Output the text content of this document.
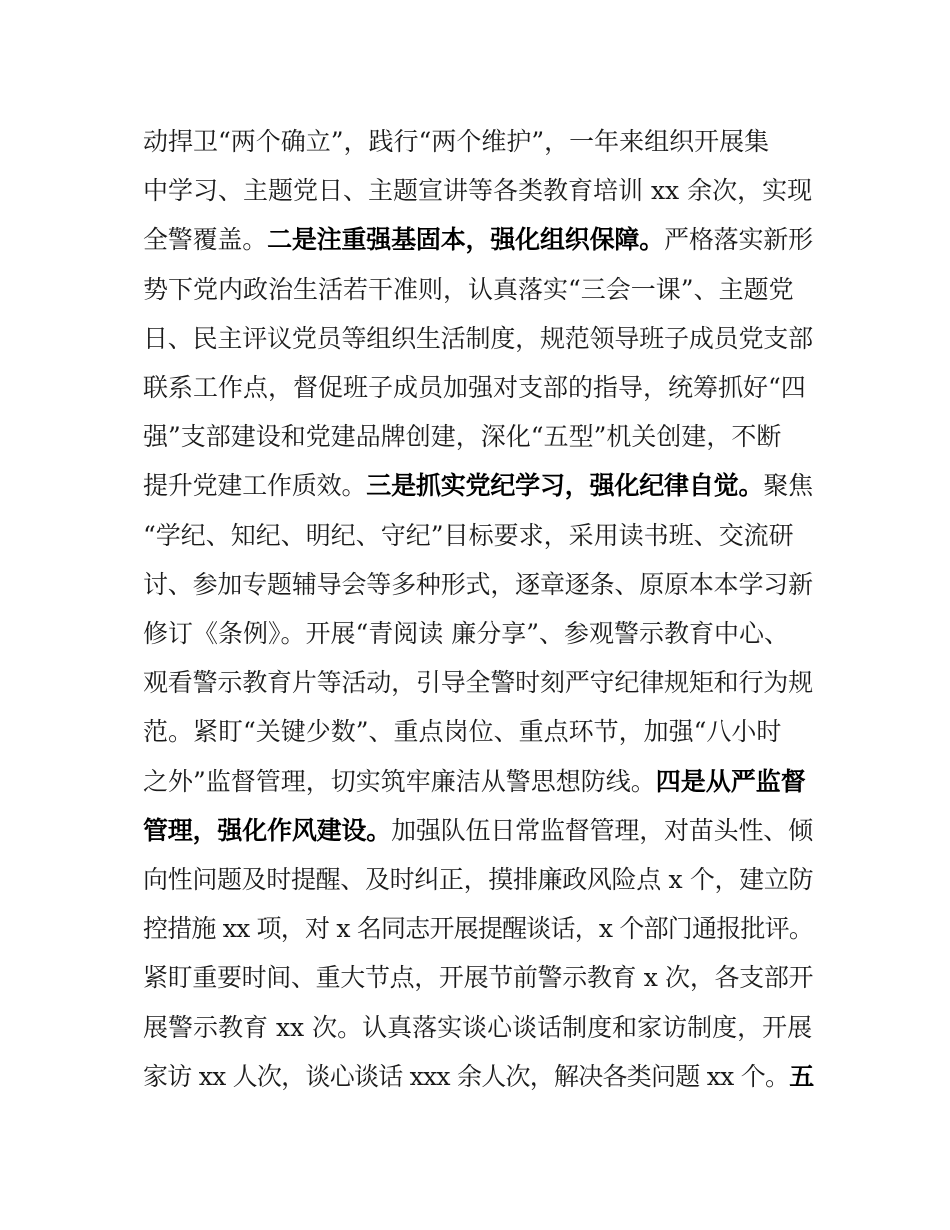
动捍卫“两个确立”，践行“两个维护”，一年来组织开展集
中学习、主题党日、主题宣讲等各类教育培训 xx 余次，实现
全警覆盖。二是注重强基固本，强化组织保障。严格落实新形
势下党内政治生活若干准则，认真落实“三会一课”、主题党
日、民主评议党员等组织生活制度，规范领导班子成员党支部
联系工作点，督促班子成员加强对支部的指导，统筹抓好“四
强”支部建设和党建品牌创建，深化“五型”机关创建，不断
提升党建工作质效。三是抓实党纪学习，强化纪律自觉。聚焦
“学纪、知纪、明纪、守纪”目标要求，采用读书班、交流研
讨、参加专题辅导会等多种形式，逐章逐条、原原本本学习新
修订《条例》。开展“青阅读 廉分享”、参观警示教育中心、
观看警示教育片等活动，引导全警时刻严守纪律规矩和行为规
范。紧盯“关键少数”、重点岗位、重点环节，加强“八小时
之外”监督管理，切实筑牢廉洁从警思想防线。四是从严监督
管理，强化作风建设。加强队伍日常监督管理，对苗头性、倾
向性问题及时提醒、及时纠正，摸排廉政风险点 x 个，建立防
控措施 xx 项，对 x 名同志开展提醒谈话，x 个部门通报批评。
紧盯重要时间、重大节点，开展节前警示教育 x 次，各支部开
展警示教育 xx 次。认真落实谈心谈话制度和家访制度，开展
家访 xx 人次，谈心谈话 xxx 余人次，解决各类问题 xx 个。五
